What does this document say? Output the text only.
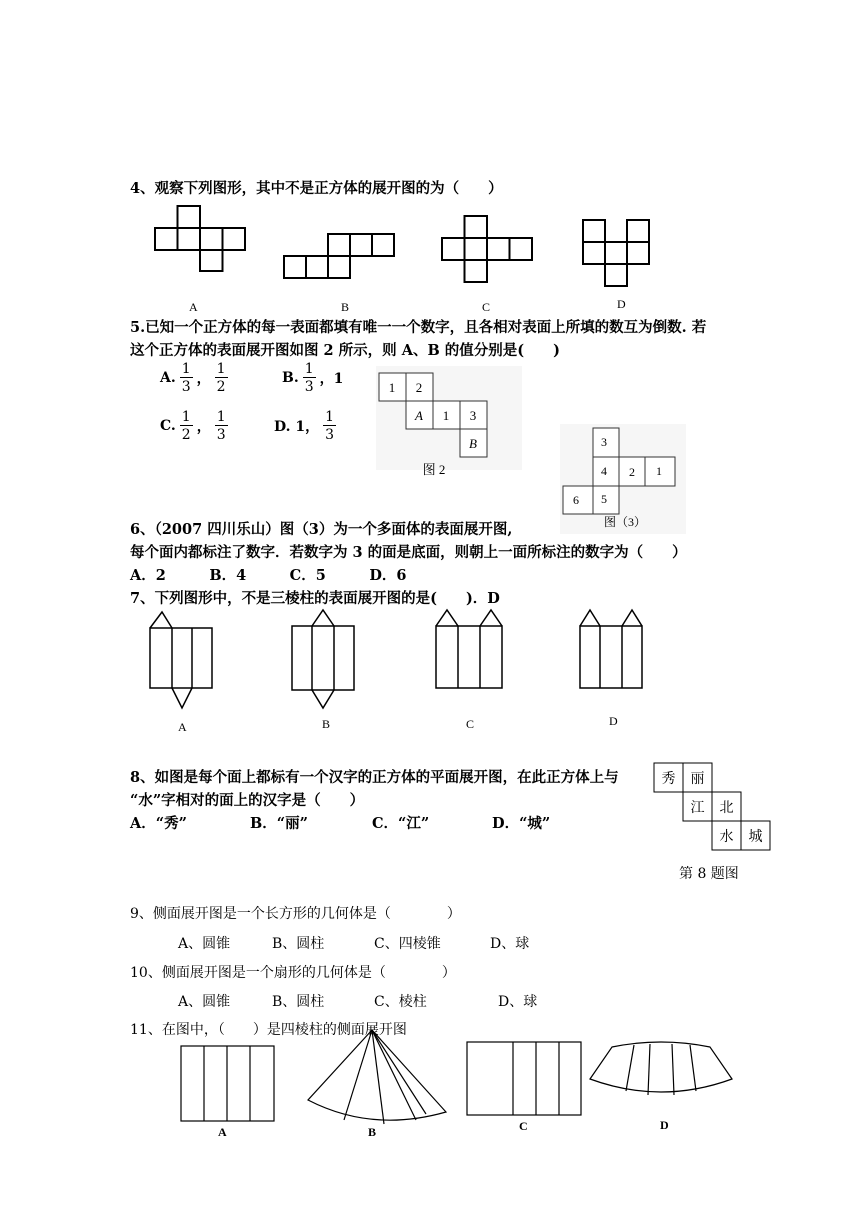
4、观察下列图形，其中不是正方体的展开图的为（　　）
A	B	C	D
5.已知一个正方体的每一表面都填有唯一一个数字，且各相对表面上所填的数互为倒数. 若
这个正方体的表面展开图如图 2 所示，则 A、B 的值分别是(　　)
A. $\frac{1}{3}$ ， $\frac{1}{2}$	B. $\frac{1}{3}$ ，1
C. $\frac{1}{2}$ ， $\frac{1}{3}$	D. 1， $\frac{1}{3}$
1 2
A 1 3
B
图 2
3
4 2 1
6 5
图（3）
6、（2007 四川乐山）图（3）为一个多面体的表面展开图,
每个面内都标注了数字．若数字为 3 的面是底面，则朝上一面所标注的数字为（　　）
A．2　　　B．4　　　C．5　　　D．6
7、下列图形中，不是三棱柱的表面展开图的是(　　)．D
A	B	C	D
8、如图是每个面上都标有一个汉字的正方体的平面展开图，在此正方体上与
“水”字相对的面上的汉字是（　　）
A．“秀”	B．“丽”	C．“江”	D．“城”
秀 丽
江 北
水 城
第 8 题图
9、侧面展开图是一个长方形的几何体是（　　　　）
A、圆锥	B、圆柱	C、四棱锥	D、球
10、侧面展开图是一个扇形的几何体是（　　　　）
A、圆锥	B、圆柱	C、棱柱	D、球
11、在图中，（　　）是四棱柱的侧面展开图
A	B	C	D
